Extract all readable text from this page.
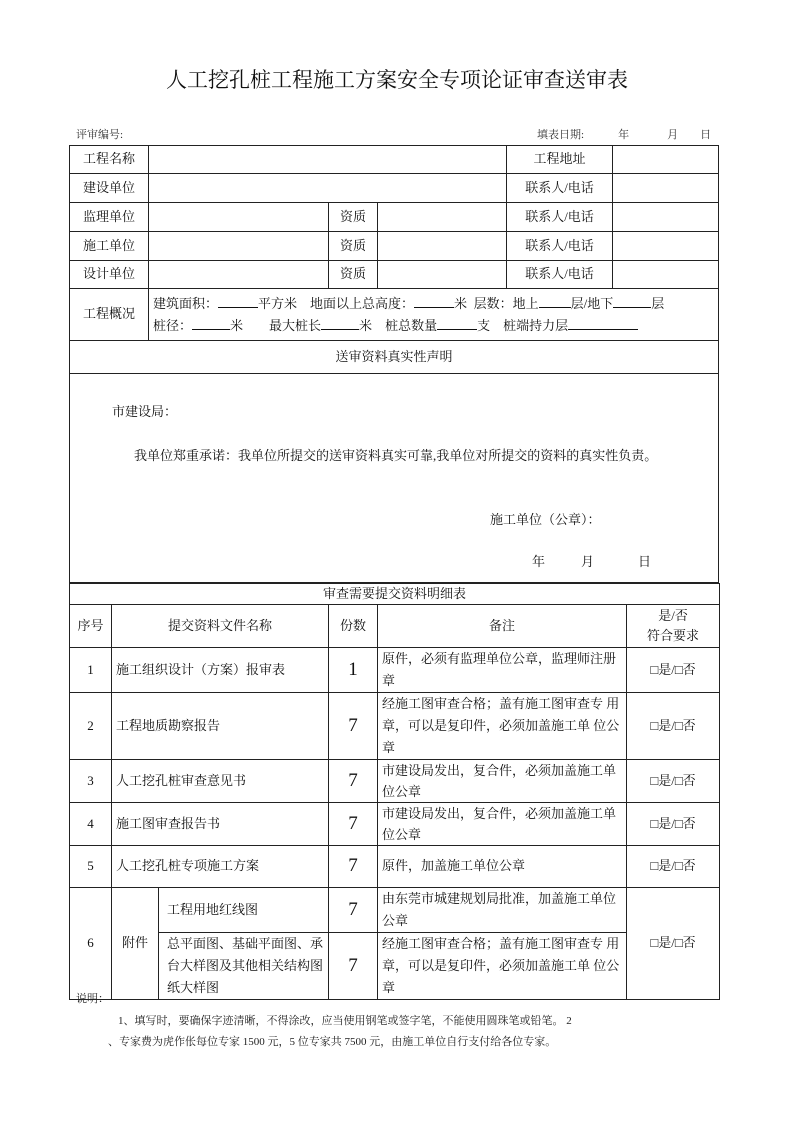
人工挖孔桩工程施工方案安全专项论证审查送审表
评审编号:	填表日期:	年	月 日
工程名称				工程地址	
建设单位				联系人/电话	
监理单位		资质		联系人/电话	
施工单位		资质		联系人/电话	
设计单位		资质		联系人/电话	
工程概况	建筑面积： 平方米 地面以上总高度： 米 层数：地上 层/地下 层
桩径： 米 最大桩长 米 桩总数量 支 桩端持力层				
送审资料真实性声明					

市建设局：
我单位郑重承诺：我单位所提交的送审资料真实可靠,我单位对所提交的资料的真实性负责。
施工单位（公章）：
年 月 日					
审查需要提交资料明细表					
序号	提交资料文件名称		份数	备注	是/否
符合要求
1	施工组织设计（方案）报审表		1	原件，必须有监理单位公章，监理师注册章	□是/□否
2	工程地质勘察报告		7	经施工图审查合格；盖有施工图审查专 用章，可以是复印件，必须加盖施工单 位公章	□是/□否
3	人工挖孔桩审查意见书		7	市建设局发出，复合件，必须加盖施工单位公章	□是/□否
4	施工图审查报告书		7	市建设局发出，复合件，必须加盖施工单位公章	□是/□否
5	人工挖孔桩专项施工方案		7	原件，加盖施工单位公章	□是/□否
6	附件	工程用地红线图	7	由东莞市城建规划局批准，加盖施工单位公章	□是/□否
		总平面图、基础平面图、承台大样图及其他相关结构图纸大样图	7	经施工图审查合格；盖有施工图审查专 用章，可以是复印件，必须加盖施工单 位公章	
说明：
1、填写时，要确保字迹清晰，不得涂改，应当使用钢笔或签字笔，不能使用圆珠笔或铅笔。 2
、专家费为虎作伥每位专家 1500 元，5 位专家共 7500 元，由施工单位自行支付给各位专家。
